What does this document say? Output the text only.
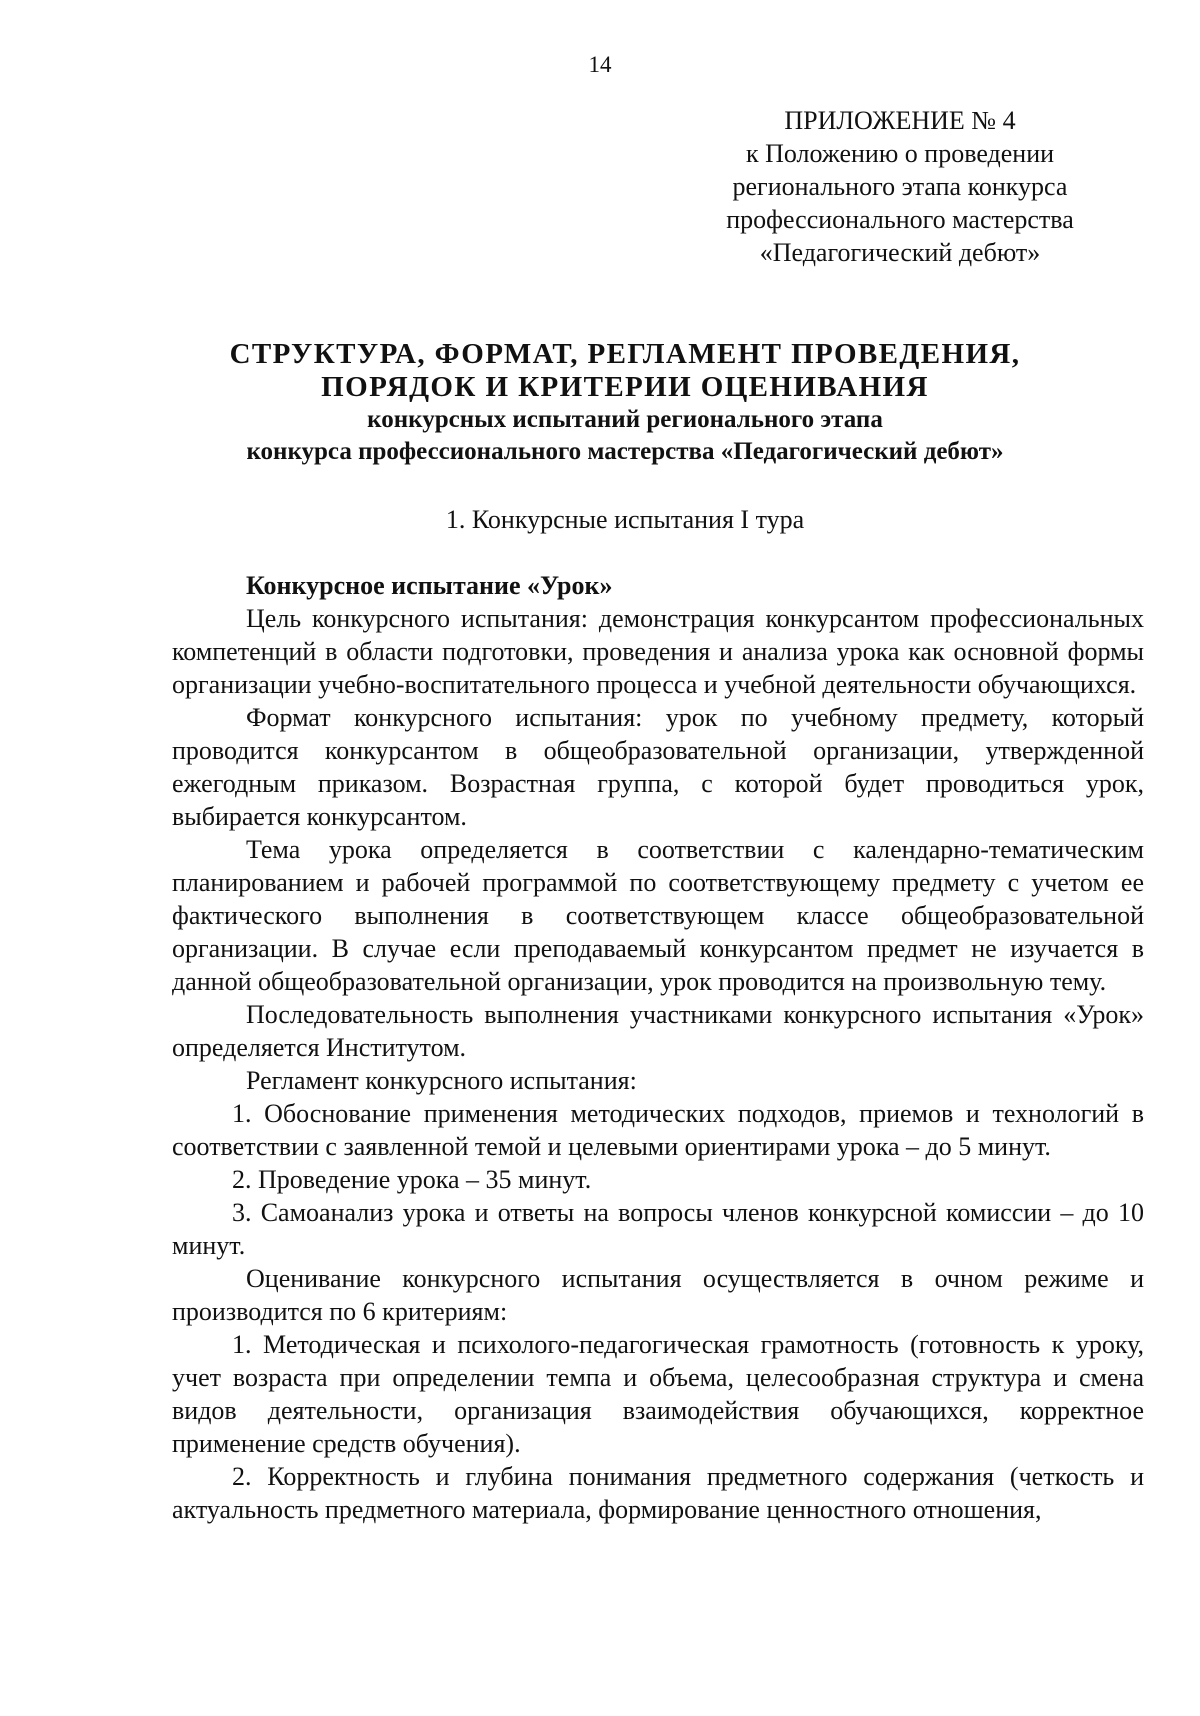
14
ПРИЛОЖЕНИЕ № 4
к Положению о проведении
регионального этапа конкурса
профессионального мастерства
«Педагогический дебют»
СТРУКТУРА, ФОРМАТ, РЕГЛАМЕНТ ПРОВЕДЕНИЯ,
ПОРЯДОК И КРИТЕРИИ ОЦЕНИВАНИЯ
конкурсных испытаний регионального этапа
конкурса профессионального мастерства «Педагогический дебют»
1. Конкурсные испытания I тура

Конкурсное испытание «Урок»

Цель конкурсного испытания: демонстрация конкурсантом профессиональных компетенций в области подготовки, проведения и анализа урока как основной формы организации учебно-воспитательного процесса и учебной деятельности обучающихся.

Формат конкурсного испытания: урок по учебному предмету, который проводится конкурсантом в общеобразовательной организации, утвержденной ежегодным приказом. Возрастная группа, с которой будет проводиться урок, выбирается конкурсантом.

Тема урока определяется в соответствии с календарно-тематическим планированием и рабочей программой по соответствующему предмету с учетом ее фактического выполнения в соответствующем классе общеобразовательной организации. В случае если преподаваемый конкурсантом предмет не изучается в данной общеобразовательной организации, урок проводится на произвольную тему.

Последовательность выполнения участниками конкурсного испытания «Урок» определяется Институтом.

Регламент конкурсного испытания:

1. Обоснование применения методических подходов, приемов и технологий в соответствии с заявленной темой и целевыми ориентирами урока – до 5 минут.

2. Проведение урока – 35 минут.

3. Самоанализ урока и ответы на вопросы членов конкурсной комиссии – до 10 минут.

Оценивание конкурсного испытания осуществляется в очном режиме и производится по 6 критериям:

1. Методическая и психолого-педагогическая грамотность (готовность к уроку, учет возраста при определении темпа и объема, целесообразная структура и смена видов деятельности, организация взаимодействия обучающихся, корректное применение средств обучения).

2. Корректность и глубина понимания предметного содержания (четкость и актуальность предметного материала, формирование ценностного отношения,
